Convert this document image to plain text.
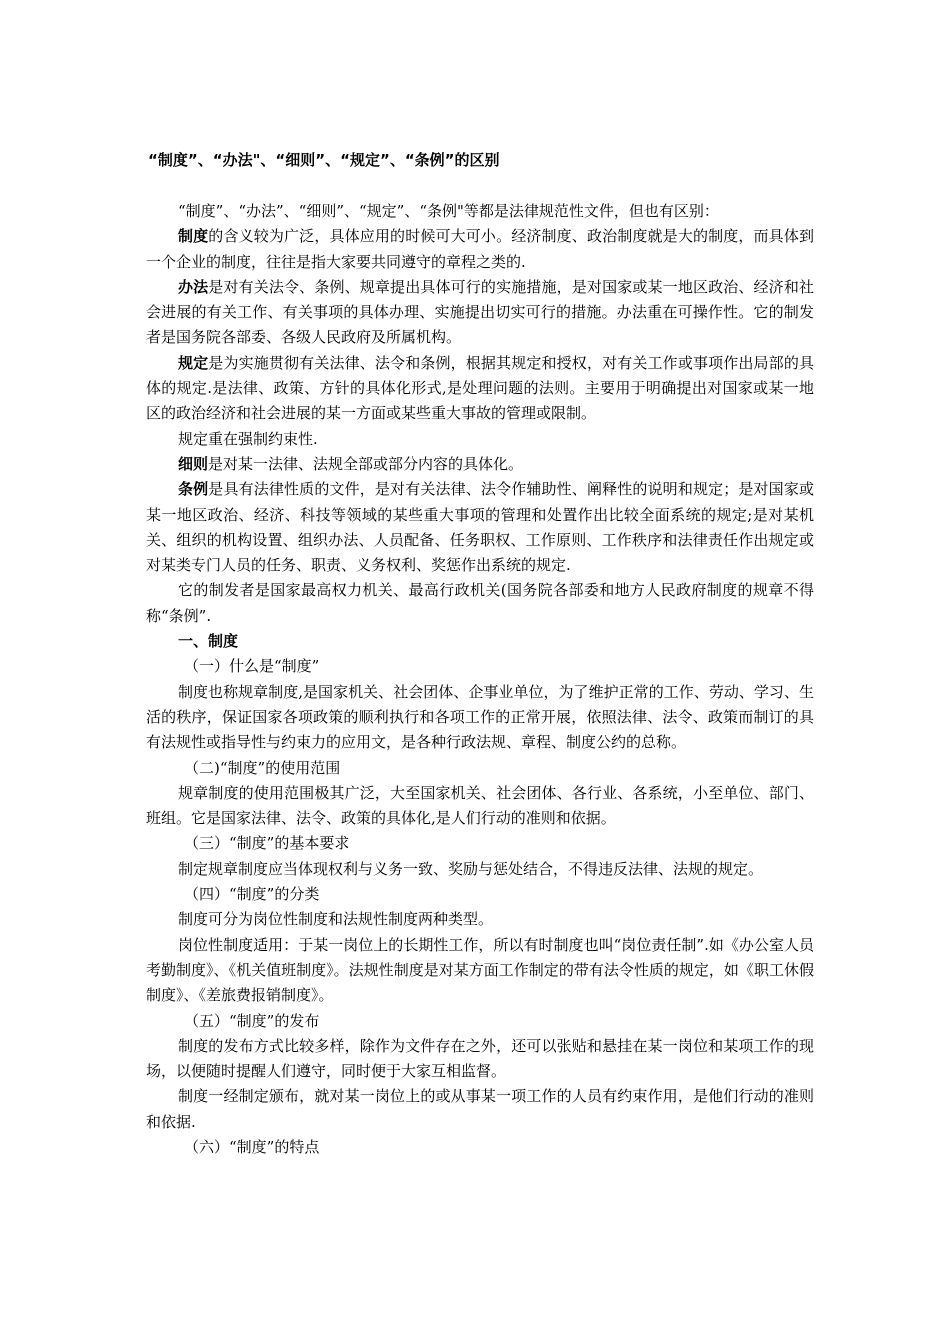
“制度”、“办法"、“细则”、“规定”、“条例”的区别

“制度”、“办法”、“细则”、“规定”、“条例"等都是法律规范性文件，但也有区别：

制度的含义较为广泛，具体应用的时候可大可小。经济制度、政治制度就是大的制度，而具体到一个企业的制度，往往是指大家要共同遵守的章程之类的.

办法是对有关法令、条例、规章提出具体可行的实施措施，是对国家或某一地区政治、经济和社会进展的有关工作、有关事项的具体办理、实施提出切实可行的措施。办法重在可操作性。它的制发者是国务院各部委、各级人民政府及所属机构。

规定是为实施贯彻有关法律、法令和条例，根据其规定和授权，对有关工作或事项作出局部的具体的规定.是法律、政策、方针的具体化形式,是处理问题的法则。主要用于明确提出对国家或某一地区的政治经济和社会进展的某一方面或某些重大事故的管理或限制。

规定重在强制约束性.

细则是对某一法律、法规全部或部分内容的具体化。

条例是具有法律性质的文件，是对有关法律、法令作辅助性、阐释性的说明和规定；是对国家或某一地区政治、经济、科技等领域的某些重大事项的管理和处置作出比较全面系统的规定;是对某机关、组织的机构设置、组织办法、人员配备、任务职权、工作原则、工作秩序和法律责任作出规定或对某类专门人员的任务、职责、义务权利、奖惩作出系统的规定.

它的制发者是国家最高权力机关、最高行政机关(国务院各部委和地方人民政府制度的规章不得称“条例”.

一、制度

（一）什么是“制度”

制度也称规章制度,是国家机关、社会团体、企事业单位，为了维护正常的工作、劳动、学习、生活的秩序，保证国家各项政策的顺利执行和各项工作的正常开展，依照法律、法令、政策而制订的具有法规性或指导性与约束力的应用文，是各种行政法规、章程、制度公约的总称。

（二)“制度”的使用范围

规章制度的使用范围极其广泛，大至国家机关、社会团体、各行业、各系统，小至单位、部门、班组。它是国家法律、法令、政策的具体化,是人们行动的准则和依据。

（三）“制度”的基本要求

制定规章制度应当体现权利与义务一致、奖励与惩处结合，不得违反法律、法规的规定。

（四）“制度”的分类

制度可分为岗位性制度和法规性制度两种类型。

岗位性制度适用：于某一岗位上的长期性工作，所以有时制度也叫“岗位责任制”.如《办公室人员考勤制度》、《机关值班制度》。法规性制度是对某方面工作制定的带有法令性质的规定，如《职工休假制度》、《差旅费报销制度》。

（五）“制度”的发布

制度的发布方式比较多样，除作为文件存在之外，还可以张贴和悬挂在某一岗位和某项工作的现场，以便随时提醒人们遵守，同时便于大家互相监督。

制度一经制定颁布，就对某一岗位上的或从事某一项工作的人员有约束作用，是他们行动的准则和依据.

（六）“制度”的特点
